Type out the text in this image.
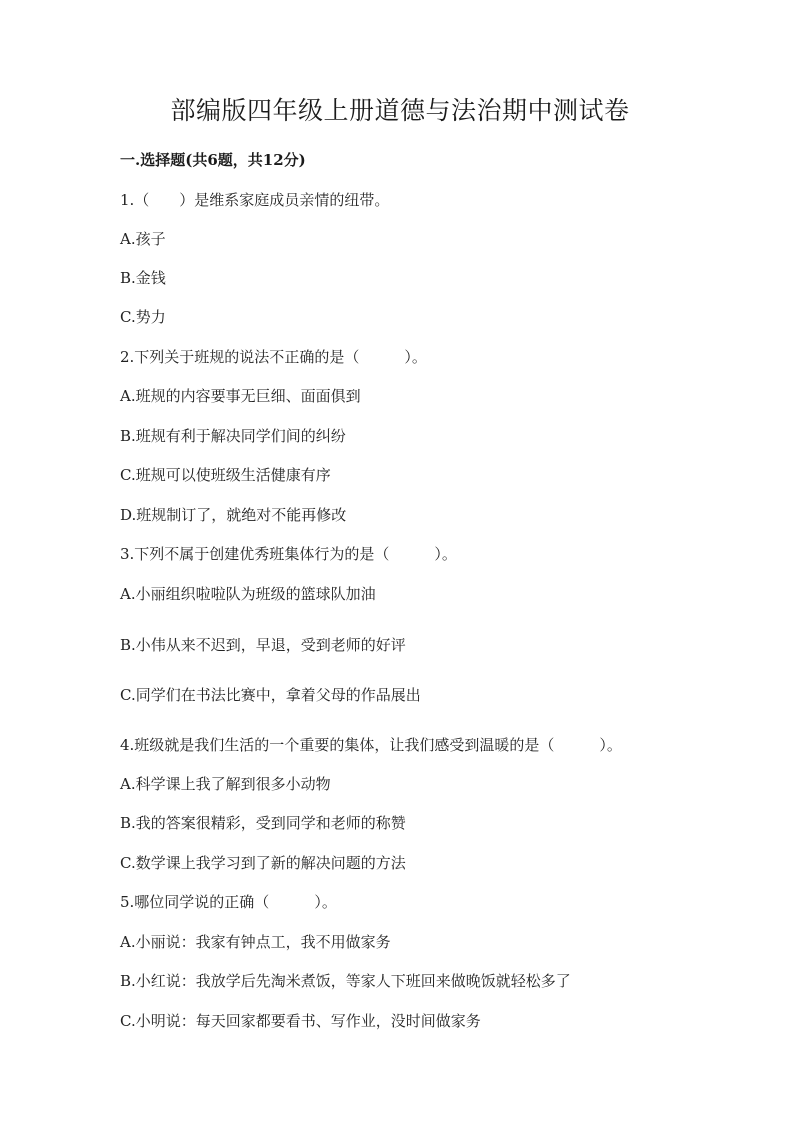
部编版四年级上册道德与法治期中测试卷
一.选择题(共6题，共12分)
1.（　　）是维系家庭成员亲情的纽带。
A.孩子
B.金钱
C.势力
2.下列关于班规的说法不正确的是（　　　）。
A.班规的内容要事无巨细、面面俱到
B.班规有利于解决同学们间的纠纷
C.班规可以使班级生活健康有序
D.班规制订了，就绝对不能再修改
3.下列不属于创建优秀班集体行为的是（　　　）。
A.小丽组织啦啦队为班级的篮球队加油
B.小伟从来不迟到，早退，受到老师的好评
C.同学们在书法比赛中，拿着父母的作品展出
4.班级就是我们生活的一个重要的集体，让我们感受到温暖的是（　　　）。
A.科学课上我了解到很多小动物
B.我的答案很精彩，受到同学和老师的称赞
C.数学课上我学习到了新的解决问题的方法
5.哪位同学说的正确（　　　）。
A.小丽说：我家有钟点工，我不用做家务
B.小红说：我放学后先淘米煮饭，等家人下班回来做晚饭就轻松多了
C.小明说：每天回家都要看书、写作业，没时间做家务
